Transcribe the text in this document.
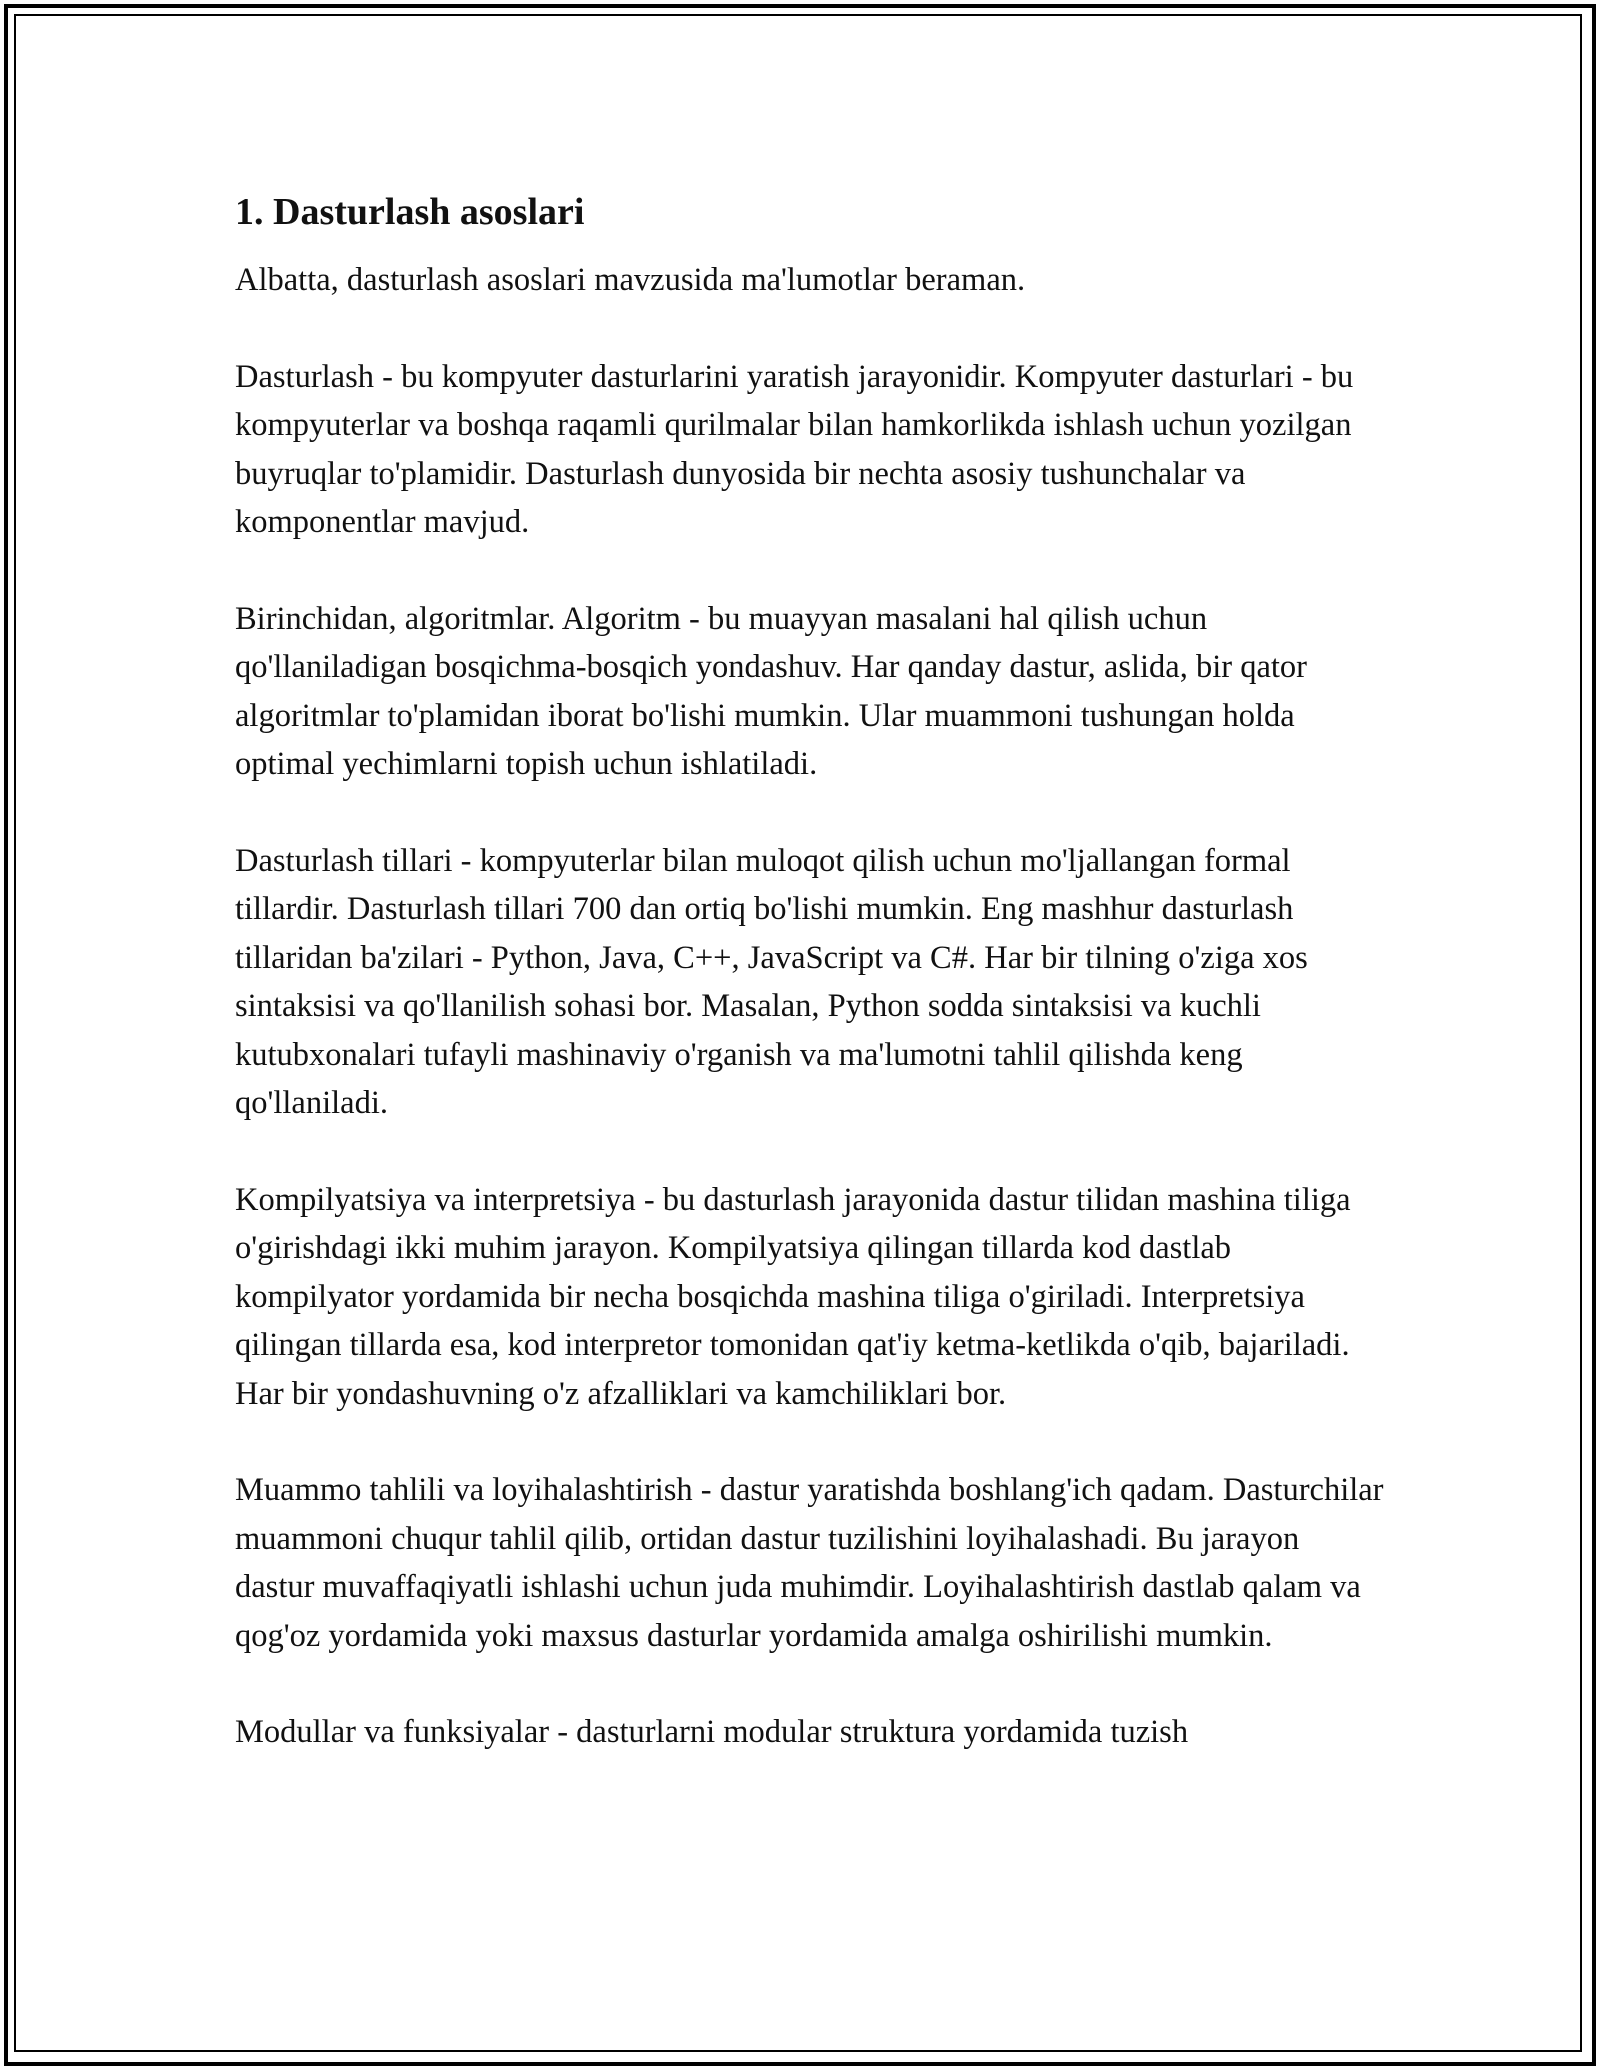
1. Dasturlash asoslari

Albatta, dasturlash asoslari mavzusida ma'lumotlar beraman.

Dasturlash - bu kompyuter dasturlarini yaratish jarayonidir. Kompyuter dasturlari - bu kompyuterlar va boshqa raqamli qurilmalar bilan hamkorlikda ishlash uchun yozilgan buyruqlar to'plamidir. Dasturlash dunyosida bir nechta asosiy tushunchalar va komponentlar mavjud.

Birinchidan, algoritmlar. Algoritm - bu muayyan masalani hal qilish uchun qo'llaniladigan bosqichma-bosqich yondashuv. Har qanday dastur, aslida, bir qator algoritmlar to'plamidan iborat bo'lishi mumkin. Ular muammoni tushungan holda optimal yechimlarni topish uchun ishlatiladi.

Dasturlash tillari - kompyuterlar bilan muloqot qilish uchun mo'ljallangan formal tillardir. Dasturlash tillari 700 dan ortiq bo'lishi mumkin. Eng mashhur dasturlash tillaridan ba'zilari - Python, Java, C++, JavaScript va C#. Har bir tilning o'ziga xos sintaksisi va qo'llanilish sohasi bor. Masalan, Python sodda sintaksisi va kuchli kutubxonalari tufayli mashinaviy o'rganish va ma'lumotni tahlil qilishda keng qo'llaniladi.

Kompilyatsiya va interpretsiya - bu dasturlash jarayonida dastur tilidan mashina tiliga o'girishdagi ikki muhim jarayon. Kompilyatsiya qilingan tillarda kod dastlab kompilyator yordamida bir necha bosqichda mashina tiliga o'giriladi. Interpretsiya qilingan tillarda esa, kod interpretor tomonidan qat'iy ketma-ketlikda o'qib, bajariladi. Har bir yondashuvning o'z afzalliklari va kamchiliklari bor.

Muammo tahlili va loyihalashtirish - dastur yaratishda boshlang'ich qadam. Dasturchilar muammoni chuqur tahlil qilib, ortidan dastur tuzilishini loyihalashadi. Bu jarayon dastur muvaffaqiyatli ishlashi uchun juda muhimdir. Loyihalashtirish dastlab qalam va qog'oz yordamida yoki maxsus dasturlar yordamida amalga oshirilishi mumkin.

Modullar va funksiyalar - dasturlarni modular struktura yordamida tuzish
